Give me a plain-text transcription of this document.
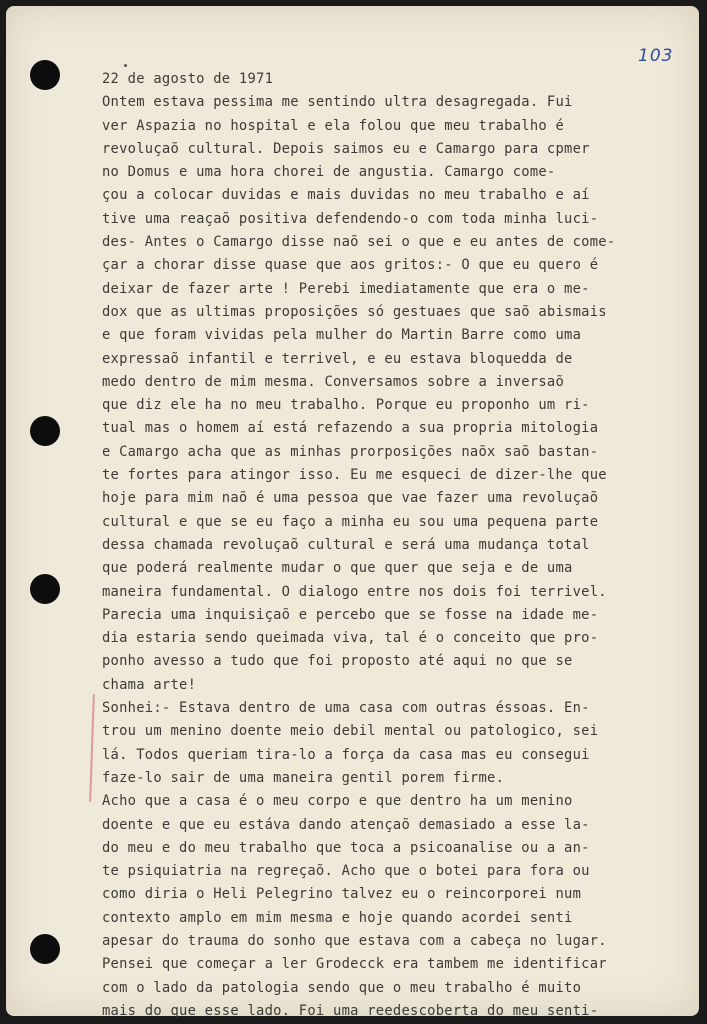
103
22 de agosto de 1971
Ontem estava pessima me sentindo ultra desagregada. Fui
ver Aspazia no hospital e ela folou que meu trabalho é
revoluçaõ cultural. Depois saimos eu e Camargo para cpmer
no Domus e uma hora chorei de angustia. Camargo come-
çou a colocar duvidas e mais duvidas no meu trabalho e aí
tive uma reaçaõ positiva defendendo-o com toda minha luci-
des- Antes o Camargo disse naõ sei o que e eu antes de come-
çar a chorar disse quase que aos gritos:- O que eu quero é
deixar de fazer arte ! Perebi imediatamente que era o me-
dox que as ultimas proposições só gestuaes que saõ abismais
e que foram vividas pela mulher do Martin Barre como uma
expressaõ infantil e terrivel, e eu estava bloquedda de
medo dentro de mim mesma. Conversamos sobre a inversaõ
que diz ele ha no meu trabalho. Porque eu proponho um ri-
tual mas o homem aí está refazendo a sua propria mitologia
e Camargo acha que as minhas prorposições naõx saõ bastan-
te fortes para atingor isso. Eu me esqueci de dizer-lhe que
hoje para mim naõ é uma pessoa que vae fazer uma revoluçaõ
cultural e que se eu faço a minha eu sou uma pequena parte
dessa chamada revoluçaõ cultural e será uma mudança total
que poderá realmente mudar o que quer que seja e de uma
maneira fundamental. O dialogo entre nos dois foi terrivel.
Parecia uma inquisiçaõ e percebo que se fosse na idade me-
dia estaria sendo queimada viva, tal é o conceito que pro-
ponho avesso a tudo que foi proposto até aqui no que se
chama arte!
Sonhei:- Estava dentro de uma casa com outras éssoas. En-
trou um menino doente meio debil mental ou patologico, sei
lá. Todos queriam tira-lo a força da casa mas eu consegui
faze-lo sair de uma maneira gentil porem firme.
Acho que a casa é o meu corpo e que dentro ha um menino
doente e que eu estáva dando atençaõ demasiado a esse la-
do meu e do meu trabalho que toca a psicoanalise ou a an-
te psiquiatria na regreçaõ. Acho que o botei para fora ou
como diria o Heli Pelegrino talvez eu o reincorporei num
contexto amplo em mim mesma e hoje quando acordei senti
apesar do trauma do sonho que estava com a cabeça no lugar.
Pensei que começar a ler Grodecck era tambem me identificar
com o lado da patologia sendo que o meu trabalho é muito
mais do que esse lado. Foi uma reedescoberta do meu senti-
